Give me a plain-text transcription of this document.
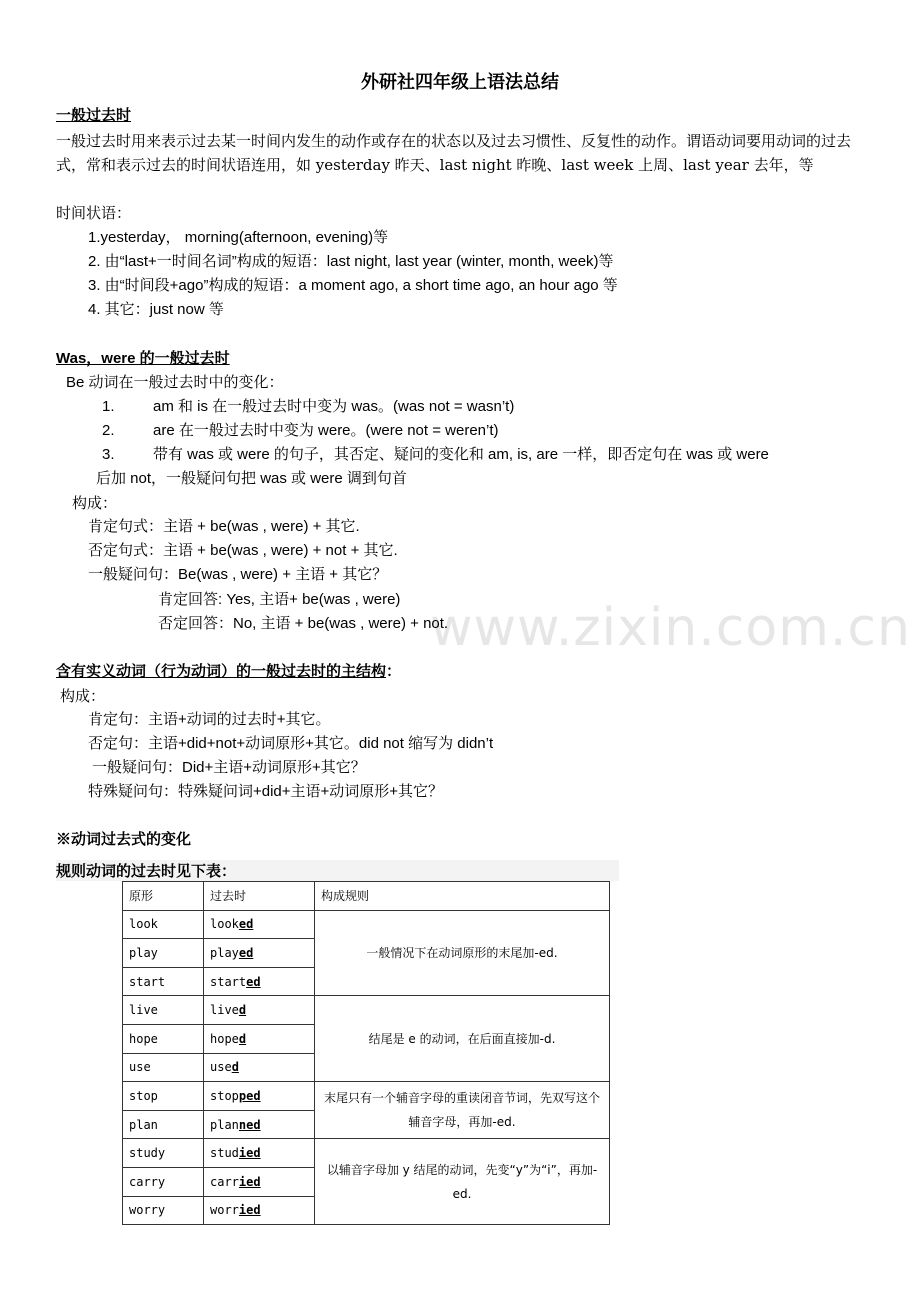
www.zixin.com.cn
外研社四年级上语法总结
一般过去时
一般过去时用来表示过去某一时间内发生的动作或存在的状态以及过去习惯性、反复性的动作。谓语动词要用动词的过去式，常和表示过去的时间状语连用，如 yesterday 昨天、last night 昨晚、last week 上周、last year 去年，等
时间状语：
1.yesterday， morning(afternoon, evening)等
2. 由“last+一时间名词”构成的短语：last night, last year (winter, month, week)等
3. 由“时间段+ago”构成的短语：a moment ago, a short time ago, an hour ago 等
4. 其它：just now 等
Was，were 的一般过去时
Be 动词在一般过去时中的变化：
1.	am 和 is 在一般过去时中变为 was。(was not = wasn’t)
2.	are 在一般过去时中变为 were。(were not = weren’t)
3.	带有 was 或 were 的句子，其否定、疑问的变化和 am, is, are 一样，即否定句在 was 或 were
后加 not，一般疑问句把 was 或 were 调到句首
构成：
肯定句式：主语 + be(was , were) + 其它.
否定句式：主语 + be(was , were) + not + 其它.
一般疑问句：Be(was , were) + 主语 + 其它？
肯定回答: Yes, 主语+ be(was , were)
否定回答：No, 主语 + be(was , were) + not.
含有实义动词（行为动词）的一般过去时的主结构：
构成：
肯定句：主语+动词的过去时+其它。
否定句：主语+did+not+动词原形+其它。did not 缩写为 didn’t
一般疑问句：Did+主语+动词原形+其它？
特殊疑问句：特殊疑问词+did+主语+动词原形+其它？
※动词过去式的变化
规则动词的过去时见下表：
原形	过去时	构成规则
look	looked	一般情况下在动词原形的末尾加-ed.
play	played	
start	started	
live	lived	结尾是 e 的动词，在后面直接加-d.
hope	hoped	
use	used	
stop	stopped	末尾只有一个辅音字母的重读闭音节词，先双写这个辅音字母，再加-ed.
plan	planned	
study	studied	以辅音字母加 y 结尾的动词，先变“y”为“i”，再加-ed.
carry	carried	
worry	worried	
